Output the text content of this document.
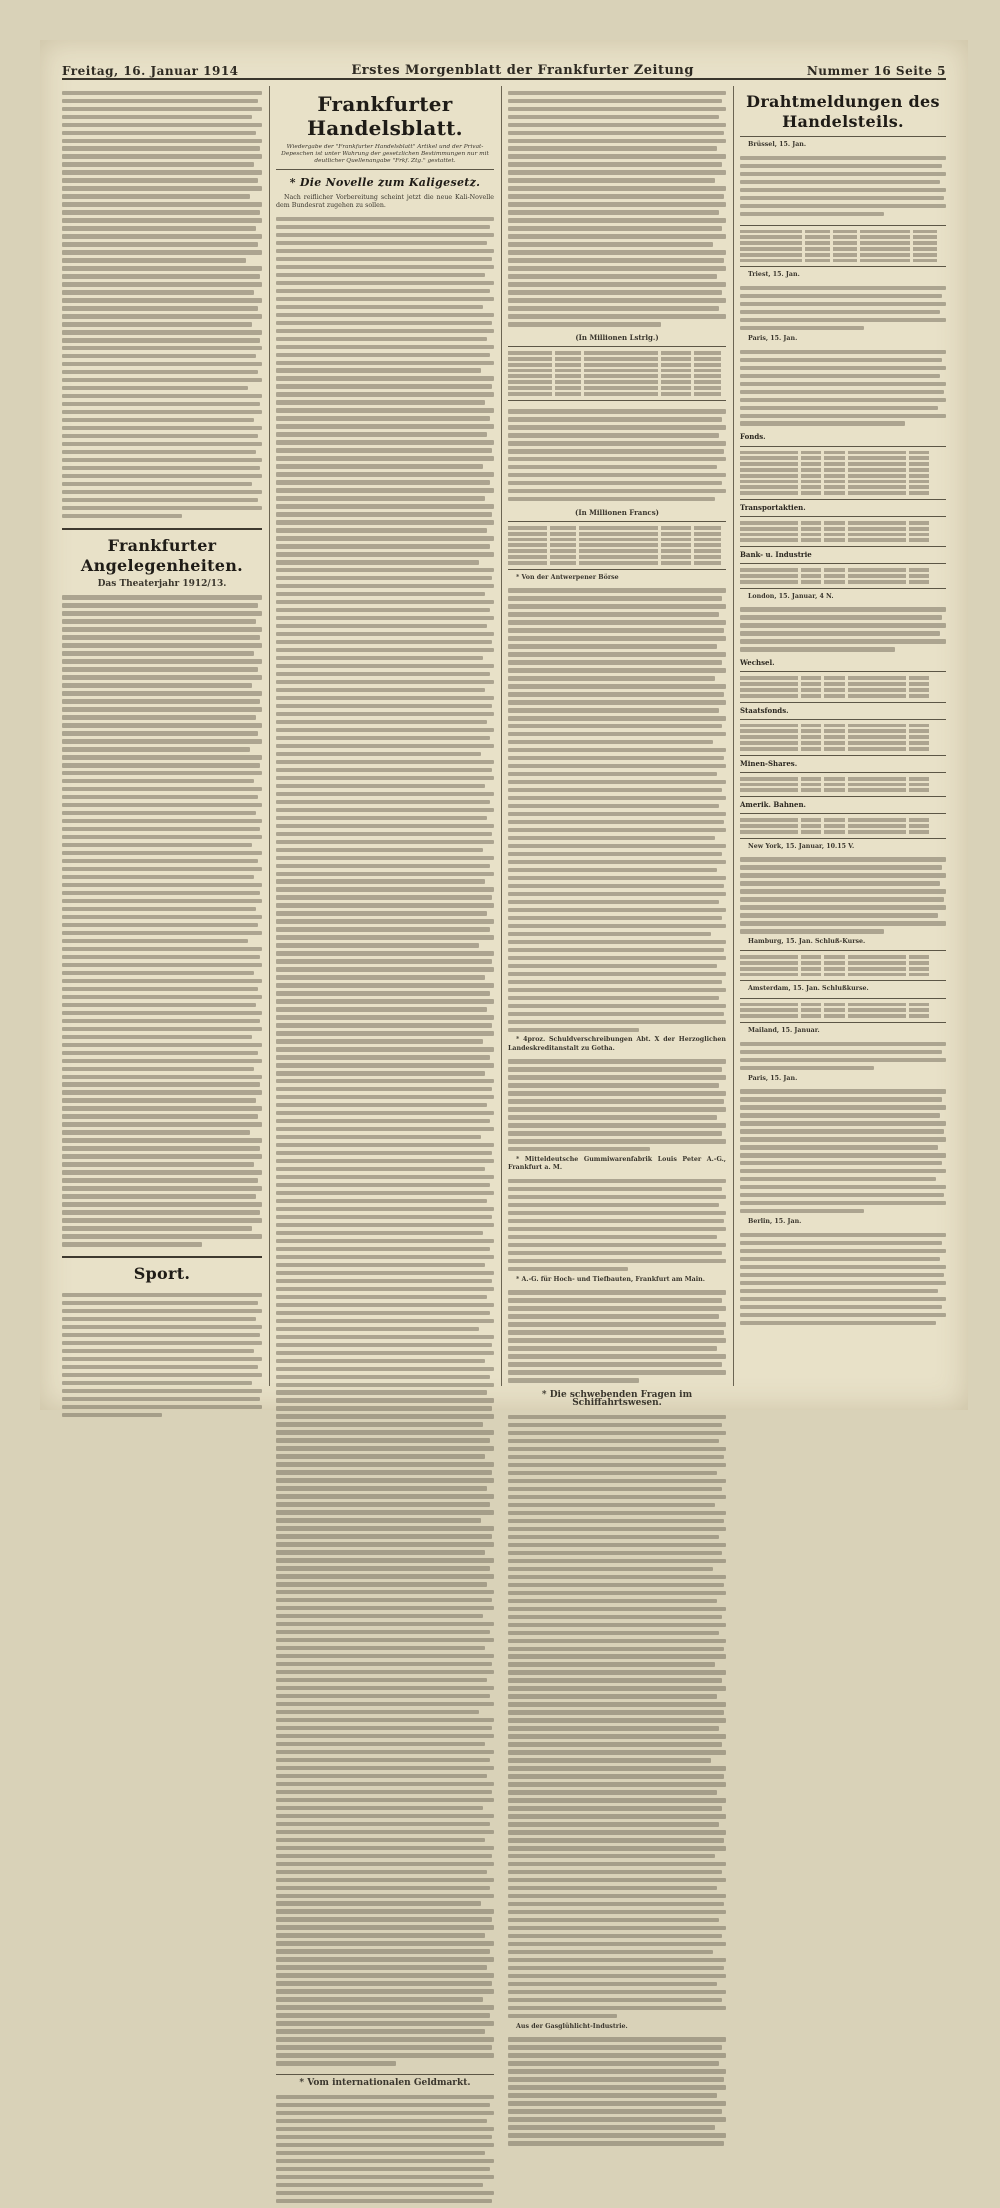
Freitag, 16. Januar 1914	Erstes Morgenblatt der Frankfurter Zeitung	Nummer 16 Seite 5
Frankfurter Angelegenheiten.
Das Theaterjahr 1912/13.
Sport.
Frankfurter Handelsblatt.
Wiedergabe der "Frankfurter Handelsblatt" Artikel und der Privat-Depeschen ist unter Wahrung der gesetzlichen Bestimmungen nur mit deutlicher Quellenangabe "Frkf. Ztg." gestattet.
* Die Novelle zum Kaligesetz.

Nach reiflicher Vorbereitung scheint jetzt die neue Kali-Novelle dem Bundesrat zugehen zu sollen.

* Vom internationalen Geldmarkt.
(In Millionen Lstrlg.)
(In Millionen Francs)

* Von der Antwerpener Börse

* 4proz. Schuldverschreibungen Abt. X der Herzoglichen Landeskreditanstalt zu Gotha.

* Mitteldeutsche Gummiwarenfabrik Louis Peter A.-G., Frankfurt a. M.

* A.-G. für Hoch- und Tiefbauten, Frankfurt am Main.

* Die schwebenden Fragen im Schiffahrtswesen.

Aus der Gasglühlicht-Industrie.

Drahtmeldungen des Handelsteils.

Brüssel, 15. Jan.

Triest, 15. Jan.

Paris, 15. Jan.

Fonds.
Transportaktien.
Bank- u. Industrie

London, 15. Januar, 4 N.

Wechsel.
Staatsfonds.
Minen-Shares.
Amerik. Bahnen.

New York, 15. Januar, 10.15 V.

Hamburg, 15. Jan. Schluß-Kurse.

Amsterdam, 15. Jan. Schlußkurse.

Mailand, 15. Januar.

Paris, 15. Jan.

Berlin, 15. Jan.
